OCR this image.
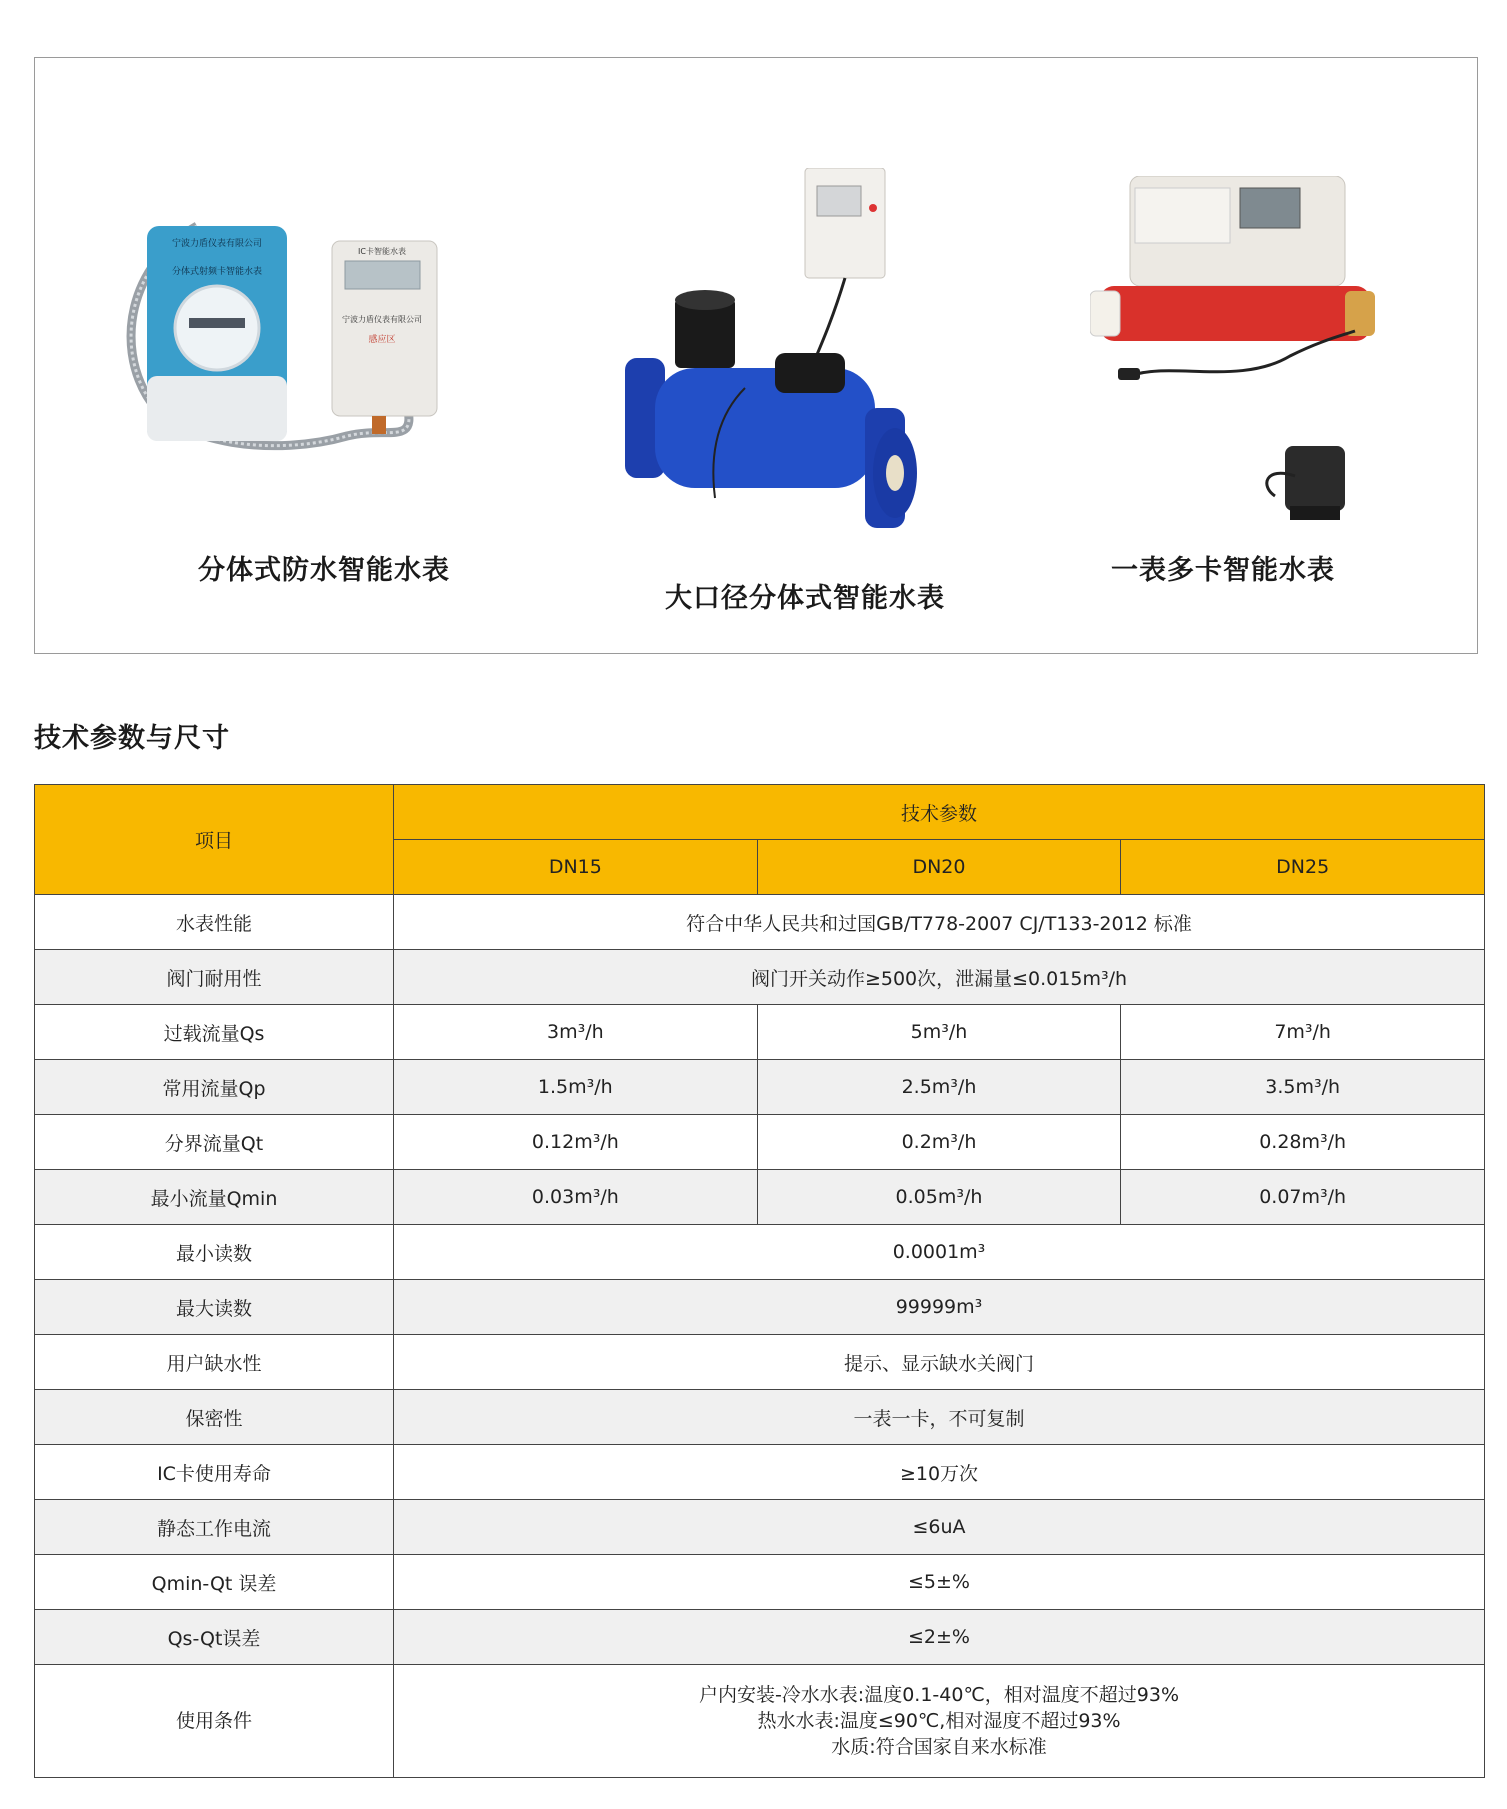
宁波力盾仪表有限公司
分体式射频卡智能水表
IC卡智能水表
宁波力盾仪表有限公司
感应区
分体式防水智能水表
大口径分体式智能水表
一表多卡智能水表
技术参数与尺寸
项目	技术参数		
	DN15	DN20	DN25
水表性能	符合中华人民共和过国GB/T778-2007 CJ/T133-2012 标准		
阀门耐用性	阀门开关动作≥500次，泄漏量≤0.015m³/h		
过载流量Qs	3m³/h	5m³/h	7m³/h
常用流量Qp	1.5m³/h	2.5m³/h	3.5m³/h
分界流量Qt	0.12m³/h	0.2m³/h	0.28m³/h
最小流量Qmin	0.03m³/h	0.05m³/h	0.07m³/h
最小读数	0.0001m³		
最大读数	99999m³		
用户缺水性	提示、显示缺水关阀门		
保密性	一表一卡，不可复制		
IC卡使用寿命	≥10万次		
静态工作电流	≤6uA		
Qmin-Qt 误差	≤5±%		
Qs-Qt误差	≤2±%		
使用条件	户内安装-冷水水表:温度0.1-40℃，相对温度不超过93%
热水水表:温度≤90℃,相对湿度不超过93%
水质:符合国家自来水标准		
